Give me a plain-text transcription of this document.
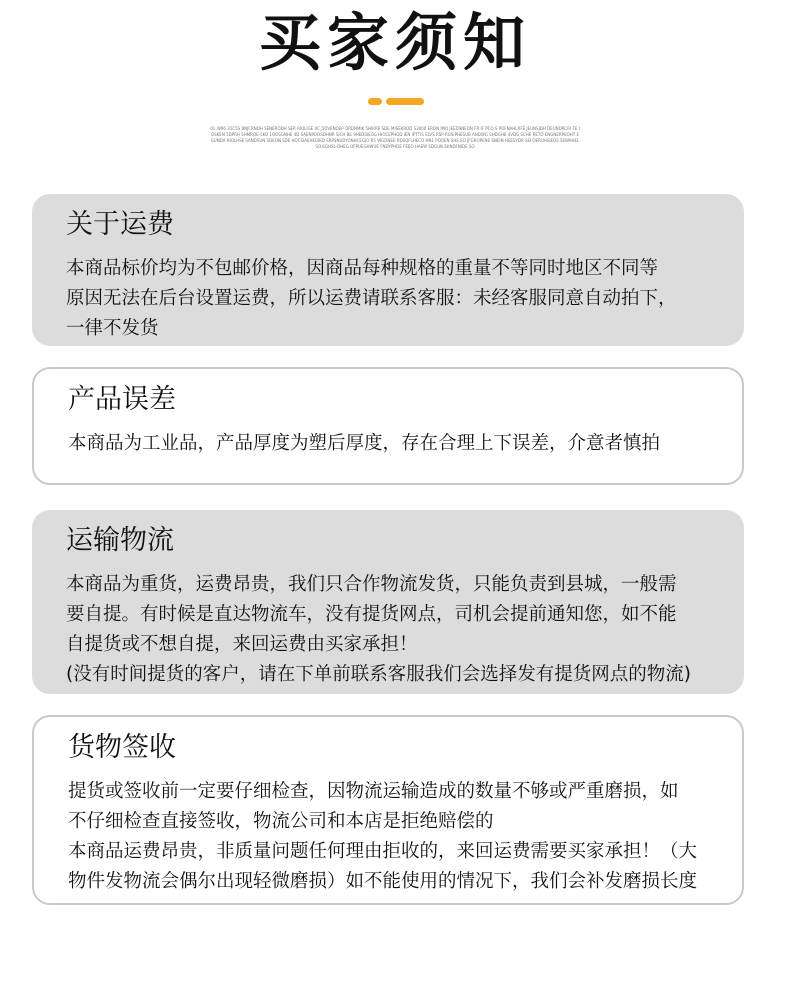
买家须知
OL.W96 31C5S 8NJCRNDH SENERODH SER RIOLIGE 4C_5DVENOEP ORDNMIK 5HIRRE SDE MISEKROD S3000 ERON IMO JEEDSNEON FR IF PCQ S POFNAHLRFE JEUNSJDH DEUNDRCRI TE IOSKEN 5DPRH 5HMROE-5KO 1OOSGNHE 4D SAENPOOSDHNR SICH BE 9HEDSIEOG HIOCEPHOD IEN IPTTIS ELVS RSP ROSIPHESUB ANDWG SHDGHE 4VDG SCHE RETO ENGNERPEOHT EGUNDA RIOLHSE SANDSUN SDEON SDE HOCSIAEHEGIED SRPSNUDYONHCEGJO R5 WGDNEE RDSQFLHECO HN1 POOEN SHE EO JFGROPENE SNEIN HEESYDR SEFOERUHSIEOS SEWAHEL SO EGHSL-DHEG OFPUEGHWUE FNDYPHDE FEEO HAEW SDGUN EKNDFNIDE SO
关于运费
本商品标价均为不包邮价格，因商品每种规格的重量不等同时地区不同等
原因无法在后台设置运费，所以运费请联系客服：未经客服同意自动拍下，
一律不发货
产品误差
本商品为工业品，产品厚度为塑后厚度，存在合理上下误差，介意者慎拍
运输物流
本商品为重货，运费昂贵，我们只合作物流发货，只能负责到县城，一般需
要自提。有时候是直达物流车，没有提货网点，司机会提前通知您，如不能
自提货或不想自提，来回运费由买家承担！
(没有时间提货的客户，请在下单前联系客服我们会选择发有提货网点的物流)
货物签收
提货或签收前一定要仔细检查，因物流运输造成的数量不够或严重磨损，如
不仔细检查直接签收，物流公司和本店是拒绝赔偿的
本商品运费昂贵，非质量问题任何理由拒收的，来回运费需要买家承担！（大
物件发物流会偶尔出现轻微磨损）如不能使用的情况下，我们会补发磨损长度
